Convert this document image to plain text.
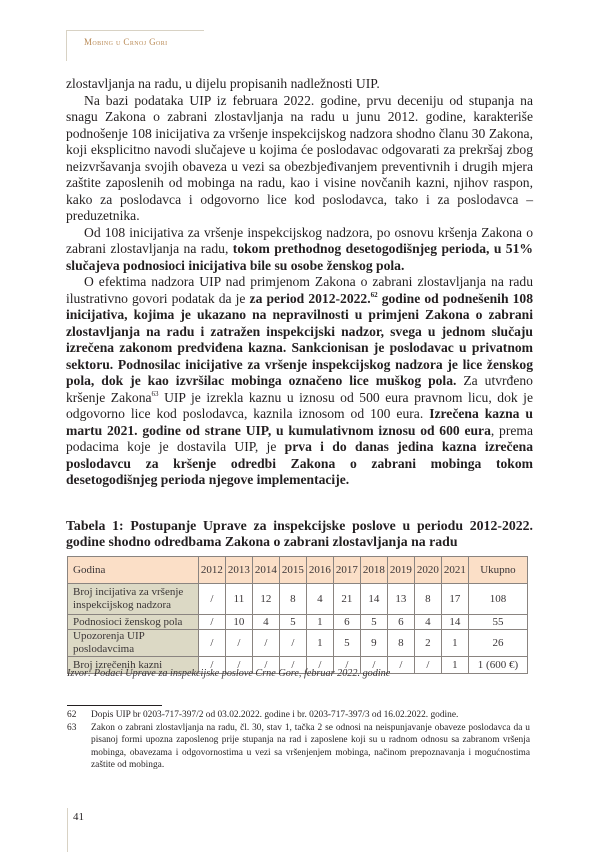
Mobing u Crnoj Gori

zlostavljanja na radu, u dijelu propisanih nadležnosti UIP.

Na bazi podataka UIP iz februara 2022. godine, prvu deceniju od stupanja na snagu Zakona o zabrani zlostavljanja na radu u junu 2012. godine, karakteriše podnošenje 108 inicijativa za vršenje inspekcijskog nadzora shodno članu 30 Zakona, koji eksplicitno navodi slučajeve u kojima će poslodavac odgovarati za prekršaj zbog neizvršavanja svojih obaveza u vezi sa obezbjeđivanjem preventivnih i drugih mjera zaštite zaposlenih od mobinga na radu, kao i visine novčanih kazni, njihov raspon, kako za poslodavca i odgovorno lice kod poslodavca, tako i za poslodavca – preduzetnika.

Od 108 inicijativa za vršenje inspekcijskog nadzora, po osnovu kršenja Zakona o zabrani zlostavljanja na radu, tokom prethodnog desetogodišnjeg perioda, u 51% slučajeva podnosioci inicijativa bile su osobe ženskog pola.

O efektima nadzora UIP nad primjenom Zakona o zabrani zlostavljanja na radu ilustrativno govori podatak da je za period 2012-2022.62 godine od podnešenih 108 inicijativa, kojima je ukazano na nepravilnosti u primjeni Zakona o zabrani zlostavljanja na radu i zatražen inspekcijski nadzor, svega u jednom slučaju izrečena zakonom predviđena kazna. Sankcionisan je poslodavac u privatnom sektoru. Podnosilac inicijative za vršenje inspekcijskog nadzora je lice ženskog pola, dok je kao izvršilac mobinga označeno lice muškog pola. Za utvrđeno kršenje Zakona$^{63}$ UIP je izrekla kaznu u iznosu od 500 eura pravnom licu, dok je odgovorno lice kod poslodavca, kaznila iznosom od 100 eura. Izrečena kazna u martu 2021. godine od strane UIP, u kumulativnom iznosu od 600 eura, prema podacima koje je dostavila UIP, je prva i do danas jedina kazna izrečena poslodavcu za kršenje odredbi Zakona o zabrani mobinga tokom desetogodišnjeg perioda njegove implementacije.

Tabela 1: Postupanje Uprave za inspekcijske poslove u periodu 2012-2022. godine shodno odredbama Zakona o zabrani zlostavljanja na radu
Godina	2012	2013	2014	2015	2016	2017	2018	2019	2020	2021	Ukupno
Broj incijativa za vršenje inspekcijskog nadzora	/	11	12	8	4	21	14	13	8	17	108
Podnosioci ženskog pola	/	10	4	5	1	6	5	6	4	14	55
Upozorenja UIP poslodavcima	/	/	/	/	1	5	9	8	2	1	26
Broj izrečenih kazni	/	/	/	/	/	/	/	/	/	1	1 (600 €)
Izvor: Podaci Uprave za inspekcijske poslove Crne Gore, februar 2022. godine
62	Dopis UIP br 0203-717-397/2 od 03.02.2022. godine i br. 0203-717-397/3 od 16.02.2022. godine.
63	Zakon o zabrani zlostavljanja na radu, čl. 30, stav 1, tačka 2 se odnosi na neispunjavanje obaveze poslodavca da u pisanoj formi upozna zaposlenog prije stupanja na rad i zaposlene koji su u radnom odnosu sa zabranom vršenja mobinga, obavezama i odgovornostima u vezi sa vršenjenjem mobinga, načinom prepoznavanja i mogućnostima zaštite od mobinga.
41
